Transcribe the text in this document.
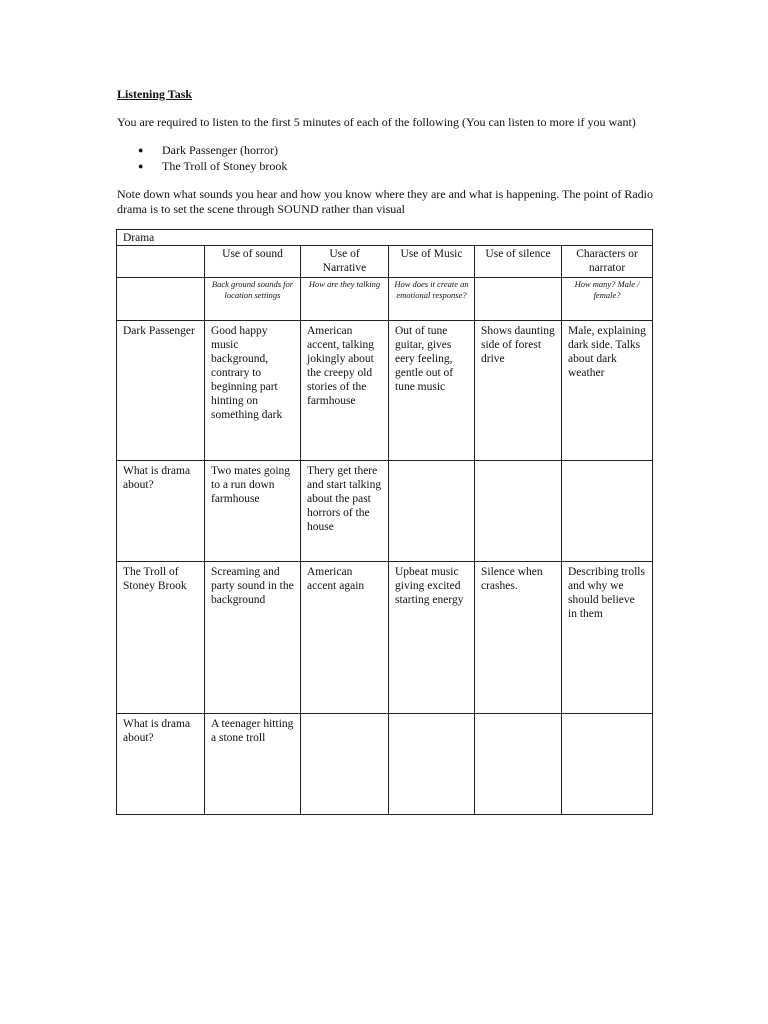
Listening Task

You are required to listen to the first 5 minutes of each of the following (You can listen to more if you want)

● Dark Passenger (horror)
● The Troll of Stoney brook

Note down what sounds you hear and how you know where they are and what is happening. The point of Radio drama is to set the scene through SOUND rather than visual

Drama					
	Use of sound	Use of Narrative	Use of Music	Use of silence	Characters or narrator
	Back ground sounds for location settings	How are they talking	How does it create an emotional response?		How many? Male / female?
Dark Passenger	Good happy music background, contrary to beginning part hinting on something dark	American accent, talking jokingly about the creepy old stories of the farmhouse	Out of tune guitar, gives eery feeling, gentle out of tune music	Shows daunting side of forest drive	Male, explaining dark side. Talks about dark weather
What is drama about?	Two mates going to a run down farmhouse	Thery get there and start talking about the past horrors of the house			
The Troll of Stoney Brook	Screaming and party sound in the background	American accent again	Upbeat music giving excited starting energy	Silence when crashes.	Describing trolls and why we should believe in them
What is drama about?	A teenager hitting a stone troll				
